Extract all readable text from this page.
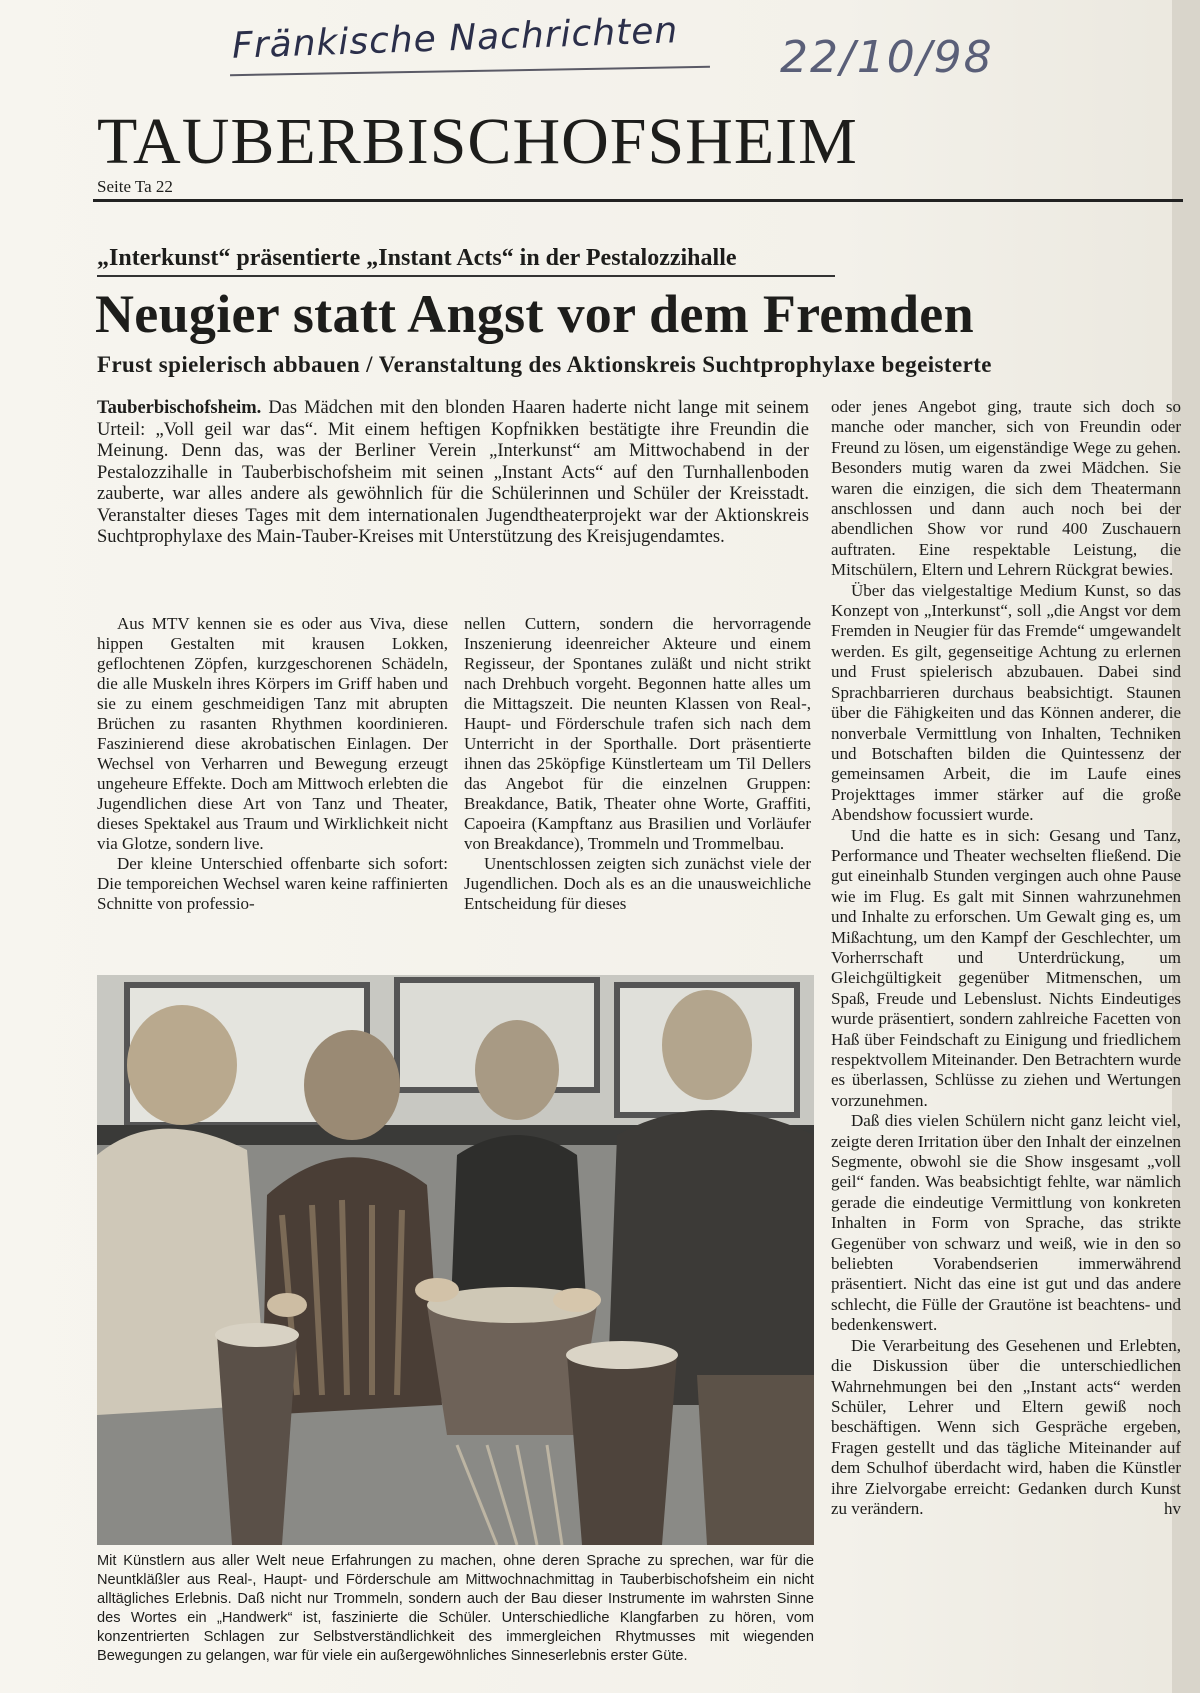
Fränkische Nachrichten 22/10/98
TAUBERBISCHOFSHEIM
Seite Ta 22
„Interkunst“ präsentierte „Instant Acts“ in der Pestalozzihalle
Neugier statt Angst vor dem Fremden
Frust spielerisch abbauen / Veranstaltung des Aktionskreis Suchtprophylaxe begeisterte

Tauberbischofsheim. Das Mädchen mit den blonden Haaren haderte nicht lange mit seinem Urteil: „Voll geil war das“. Mit einem heftigen Kopfnikken bestätigte ihre Freundin die Meinung. Denn das, was der Berliner Verein „Interkunst“ am Mittwochabend in der Pestalozzihalle in Tauberbischofsheim mit seinen „Instant Acts“ auf den Turnhallenboden zauberte, war alles andere als gewöhnlich für die Schülerinnen und Schüler der Kreisstadt. Veranstalter dieses Tages mit dem internationalen Jugendtheaterprojekt war der Aktionskreis Suchtprophylaxe des Main-Tauber-Kreises mit Unterstützung des Kreisjugendamtes.

Aus MTV kennen sie es oder aus Viva, diese hippen Gestalten mit krausen Lokken, geflochtenen Zöpfen, kurzgeschorenen Schädeln, die alle Muskeln ihres Körpers im Griff haben und sie zu einem geschmeidigen Tanz mit abrupten Brüchen zu rasanten Rhythmen koordinieren. Faszinierend diese akrobatischen Einlagen. Der Wechsel von Verharren und Bewegung erzeugt ungeheure Effekte. Doch am Mittwoch erlebten die Jugendlichen diese Art von Tanz und Theater, dieses Spektakel aus Traum und Wirklichkeit nicht via Glotze, sondern live.

Der kleine Unterschied offenbarte sich sofort: Die temporeichen Wechsel waren keine raffinierten Schnitte von professio-

nellen Cuttern, sondern die hervorragende Inszenierung ideenreicher Akteure und einem Regisseur, der Spontanes zuläßt und nicht strikt nach Drehbuch vorgeht. Begonnen hatte alles um die Mittagszeit. Die neunten Klassen von Real-, Haupt- und Förderschule trafen sich nach dem Unterricht in der Sporthalle. Dort präsentierte ihnen das 25köpfige Künstlerteam um Til Dellers das Angebot für die einzelnen Gruppen: Breakdance, Batik, Theater ohne Worte, Graffiti, Capoeira (Kampftanz aus Brasilien und Vorläufer von Breakdance), Trommeln und Trommelbau.

Unentschlossen zeigten sich zunächst viele der Jugendlichen. Doch als es an die unausweichliche Entscheidung für dieses

oder jenes Angebot ging, traute sich doch so manche oder mancher, sich von Freundin oder Freund zu lösen, um eigenständige Wege zu gehen. Besonders mutig waren da zwei Mädchen. Sie waren die einzigen, die sich dem Theatermann anschlossen und dann auch noch bei der abendlichen Show vor rund 400 Zuschauern auftraten. Eine respektable Leistung, die Mitschülern, Eltern und Lehrern Rückgrat bewies.

Über das vielgestaltige Medium Kunst, so das Konzept von „Interkunst“, soll „die Angst vor dem Fremden in Neugier für das Fremde“ umgewandelt werden. Es gilt, gegenseitige Achtung zu erlernen und Frust spielerisch abzubauen. Dabei sind Sprachbarrieren durchaus beabsichtigt. Staunen über die Fähigkeiten und das Können anderer, die nonverbale Vermittlung von Inhalten, Techniken und Botschaften bilden die Quintessenz der gemeinsamen Arbeit, die im Laufe eines Projekttages immer stärker auf die große Abendshow focussiert wurde.

Und die hatte es in sich: Gesang und Tanz, Performance und Theater wechselten fließend. Die gut eineinhalb Stunden vergingen auch ohne Pause wie im Flug. Es galt mit Sinnen wahrzunehmen und Inhalte zu erforschen. Um Gewalt ging es, um Mißachtung, um den Kampf der Geschlechter, um Vorherrschaft und Unterdrückung, um Gleichgültigkeit gegenüber Mitmenschen, um Spaß, Freude und Lebenslust. Nichts Eindeutiges wurde präsentiert, sondern zahlreiche Facetten von Haß über Feindschaft zu Einigung und friedlichem respektvollem Miteinander. Den Betrachtern wurde es überlassen, Schlüsse zu ziehen und Wertungen vorzunehmen.

Daß dies vielen Schülern nicht ganz leicht viel, zeigte deren Irritation über den Inhalt der einzelnen Segmente, obwohl sie die Show insgesamt „voll geil“ fanden. Was beabsichtigt fehlte, war nämlich gerade die eindeutige Vermittlung von konkreten Inhalten in Form von Sprache, das strikte Gegenüber von schwarz und weiß, wie in den so beliebten Vorabendserien immerwährend präsentiert. Nicht das eine ist gut und das andere schlecht, die Fülle der Grautöne ist beachtens- und bedenkenswert.

Die Verarbeitung des Gesehenen und Erlebten, die Diskussion über die unterschiedlichen Wahrnehmungen bei den „Instant acts“ werden Schüler, Lehrer und Eltern gewiß noch beschäftigen. Wenn sich Gespräche ergeben, Fragen gestellt und das tägliche Miteinander auf dem Schulhof überdacht wird, haben die Künstler ihre Zielvorgabe erreicht: Gedanken durch Kunst zu verändern.	hv

Mit Künstlern aus aller Welt neue Erfahrungen zu machen, ohne deren Sprache zu sprechen, war für die Neuntkläßler aus Real-, Haupt- und Förderschule am Mittwochnachmittag in Tauberbischofsheim ein nicht alltägliches Erlebnis. Daß nicht nur Trommeln, sondern auch der Bau dieser Instrumente im wahrsten Sinne des Wortes ein „Handwerk“ ist, faszinierte die Schüler. Unterschiedliche Klangfarben zu hören, vom konzentrierten Schlagen zur Selbstverständlichkeit des immergleichen Rhytmusses mit wiegenden Bewegungen zu gelangen, war für viele ein außergewöhnliches Sinneserlebnis erster Güte.
